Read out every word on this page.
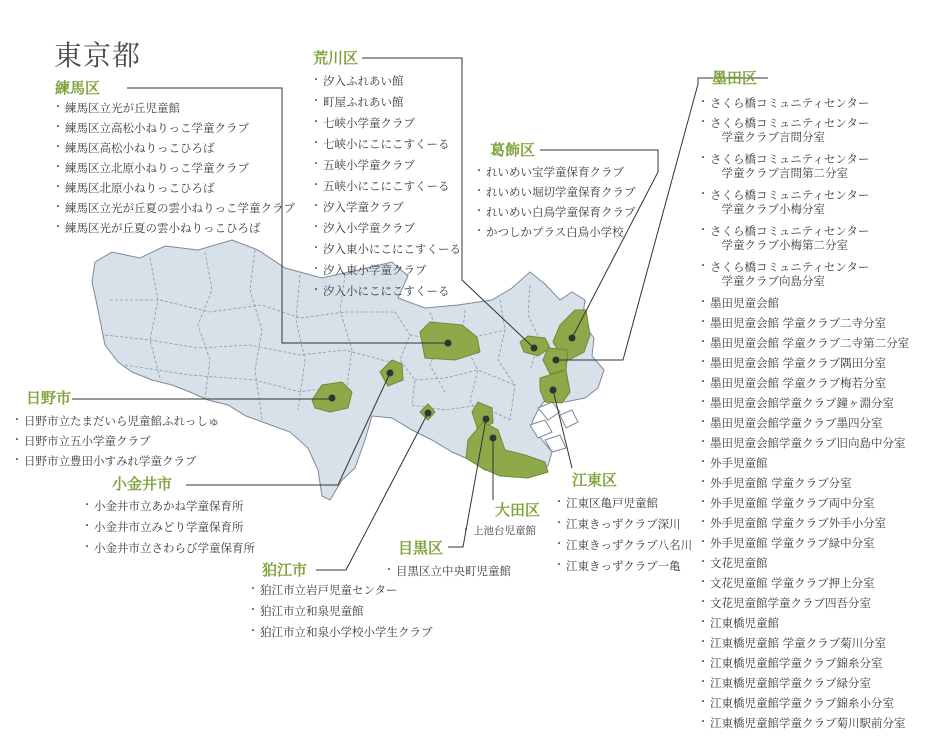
東京都
練馬区
・ 練馬区立光が丘児童館
・ 練馬区立高松小ねりっこ学童クラブ
・ 練馬区高松小ねりっこひろば
・ 練馬区立北原小ねりっこ学童クラブ
・ 練馬区北原小ねりっこひろば
・ 練馬区立光が丘夏の雲小ねりっこ学童クラブ
・ 練馬区光が丘夏の雲小ねりっこひろば
荒川区
・ 汐入ふれあい館
・ 町屋ふれあい館
・ 七峡小学童クラブ
・ 七峡小にこにこすくーる
・ 五峡小学童クラブ
・ 五峡小にこにこすくーる
・ 汐入学童クラブ
・ 汐入小学童クラブ
・ 汐入東小にこにこすくーる
・ 汐入東小学童クラブ
・ 汐入小にこにこすくーる
葛飾区
・ れいめい宝学童保育クラブ
・ れいめい堀切学童保育クラブ
・ れいめい白鳥学童保育クラブ
・ かつしかプラス白鳥小学校
墨田区
・ さくら橋コミュニティセンター
・ さくら橋コミュニティセンター
　学童クラブ言問分室
・ さくら橋コミュニティセンター
　学童クラブ言問第二分室
・ さくら橋コミュニティセンター
　学童クラブ小梅分室
・ さくら橋コミュニティセンター
　学童クラブ小梅第二分室
・ さくら橋コミュニティセンター
　学童クラブ向島分室
・ 墨田児童会館
・ 墨田児童会館 学童クラブ二寺分室
・ 墨田児童会館 学童クラブ二寺第二分室
・ 墨田児童会館 学童クラブ隅田分室
・ 墨田児童会館 学童クラブ梅若分室
・ 墨田児童会館学童クラブ鐘ヶ淵分室
・ 墨田児童会館学童クラブ墨四分室
・ 墨田児童会館学童クラブ旧向島中分室
・ 外手児童館
・ 外手児童館 学童クラブ分室
・ 外手児童館 学童クラブ両中分室
・ 外手児童館 学童クラブ外手小分室
・ 外手児童館 学童クラブ緑中分室
・ 文花児童館
・ 文花児童館 学童クラブ押上分室
・ 文花児童館学童クラブ四吾分室
・ 江東橋児童館
・ 江東橋児童館 学童クラブ菊川分室
・ 江東橋児童館学童クラブ錦糸分室
・ 江東橋児童館学童クラブ緑分室
・ 江東橋児童館学童クラブ錦糸小分室
・ 江東橋児童館学童クラブ菊川駅前分室
日野市
・ 日野市立たまだいら児童館ふれっしゅ
・ 日野市立五小学童クラブ
・ 日野市立豊田小すみれ学童クラブ
小金井市
・ 小金井市立あかね学童保育所
・ 小金井市立みどり学童保育所
・ 小金井市立さわらび学童保育所
狛江市
・ 狛江市立岩戸児童センター
・ 狛江市立和泉児童館
・ 狛江市立和泉小学校小学生クラブ
目黒区
・ 目黒区立中央町児童館
大田区
・ 上池台児童館
江東区
・ 江東区亀戸児童館
・ 江東きっずクラブ深川
・ 江東きっずクラブ八名川
・ 江東きっずクラブ一亀
